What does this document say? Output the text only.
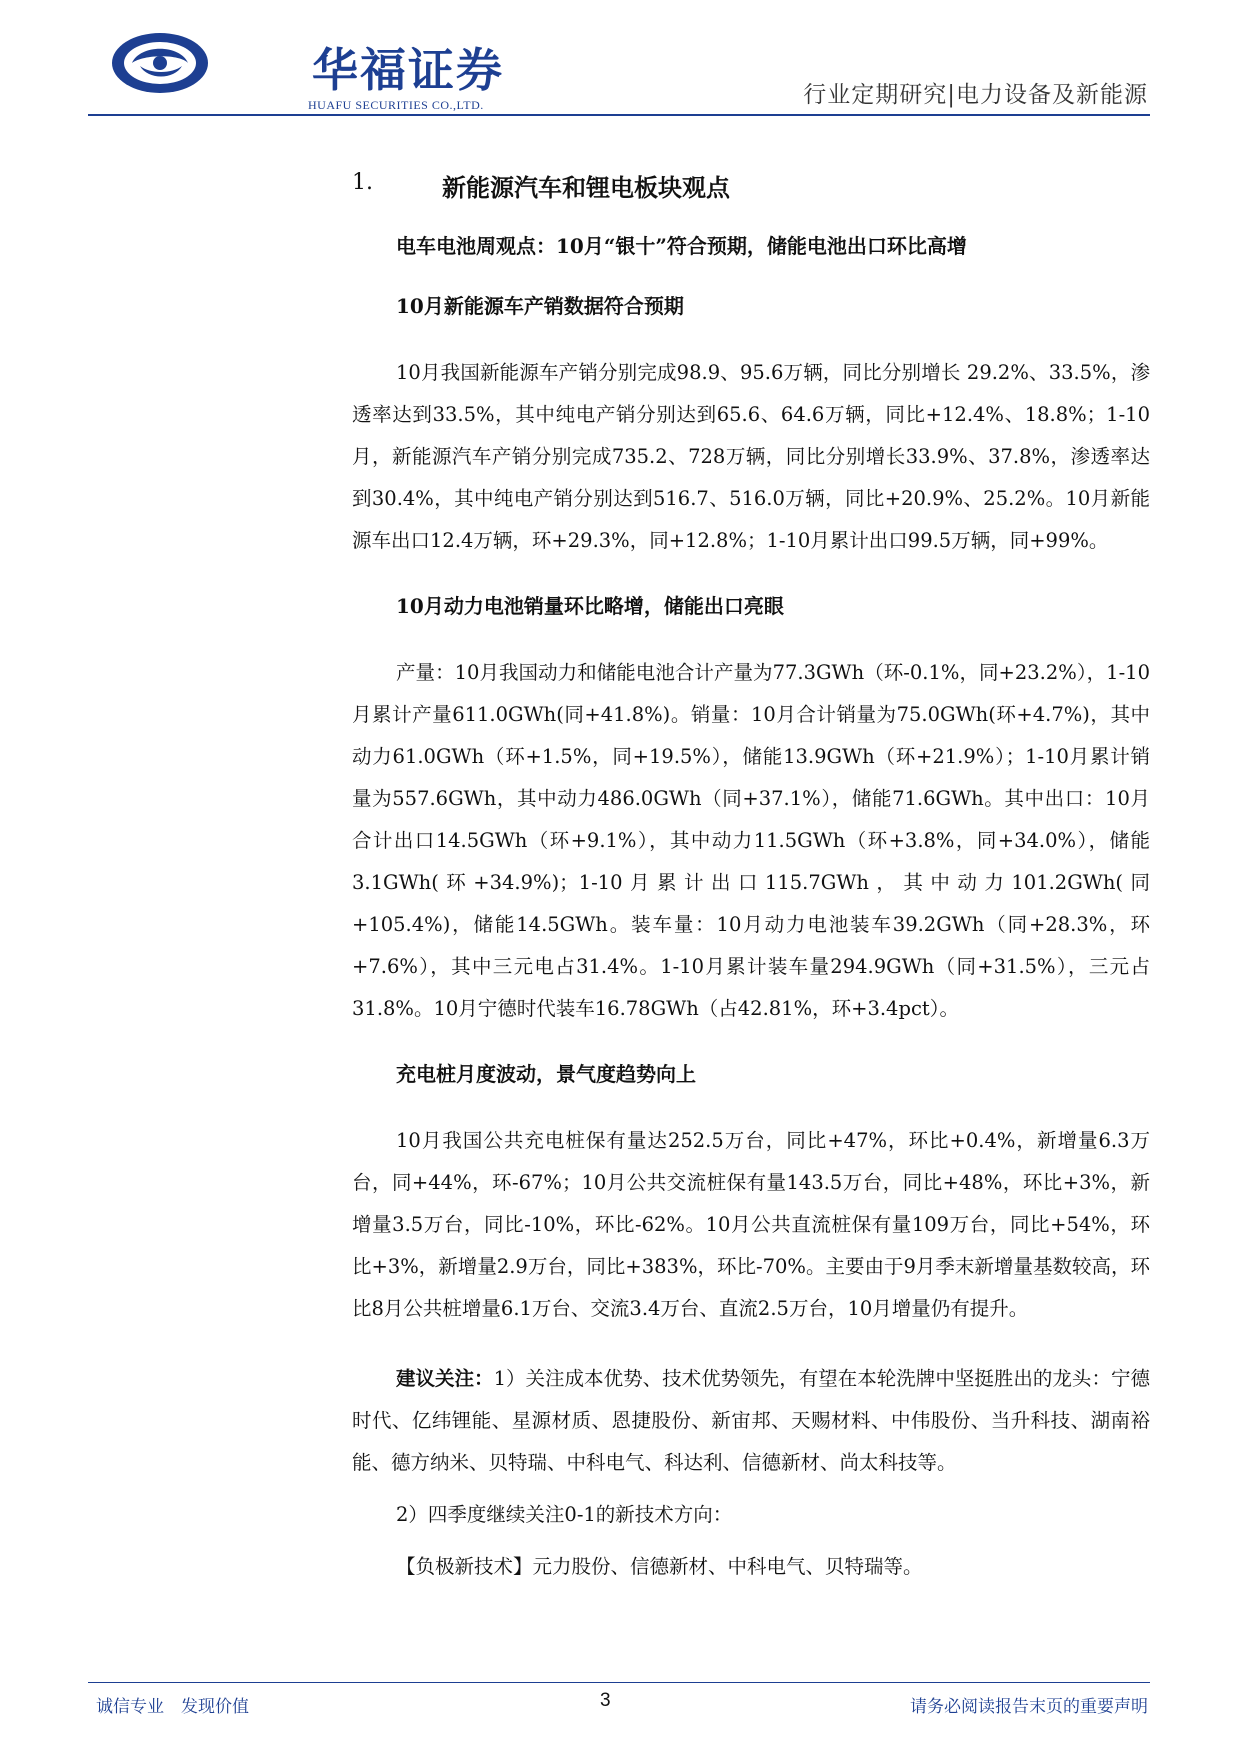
华福证券
HUAFU SECURITIES CO.,LTD.	行业定期研究|电力设备及新能源
1.	新能源汽车和锂电板块观点
电车电池周观点：10月“银十”符合预期，储能电池出口环比高增
10月新能源车产销数据符合预期

10月我国新能源车产销分别完成98.9、95.6万辆，同比分别增长 29.2%、33.5%，渗透率达到33.5%，其中纯电产销分别达到65.6、64.6万辆，同比+12.4%、18.8%；1-10月，新能源汽车产销分别完成735.2、728万辆，同比分别增长33.9%、37.8%，渗透率达到30.4%，其中纯电产销分别达到516.7、516.0万辆，同比+20.9%、25.2%。10月新能源车出口12.4万辆，环+29.3%，同+12.8%；1-10月累计出口99.5万辆，同+99%。

10月动力电池销量环比略增，储能出口亮眼

产量：10月我国动力和储能电池合计产量为77.3GWh（环-0.1%，同+23.2%），1-10月累计产量611.0GWh(同+41.8%)。销量：10月合计销量为75.0GWh(环+4.7%)，其中动力61.0GWh（环+1.5%，同+19.5%），储能13.9GWh（环+21.9%）；1-10月累计销量为557.6GWh，其中动力486.0GWh（同+37.1%），储能71.6GWh。其中出口：10月合计出口14.5GWh（环+9.1%），其中动力11.5GWh（环+3.8%，同+34.0%），储能3.1GWh(环+34.9%)；1-10月累计出口115.7GWh，其中动力101.2GWh(同+105.4%)，储能14.5GWh。装车量：10月动力电池装车39.2GWh（同+28.3%，环+7.6%），其中三元电占31.4%。1-10月累计装车量294.9GWh（同+31.5%），三元占31.8%。10月宁德时代装车16.78GWh（占42.81%，环+3.4pct）。

充电桩月度波动，景气度趋势向上

10月我国公共充电桩保有量达252.5万台，同比+47%，环比+0.4%，新增量6.3万台，同+44%，环-67%；10月公共交流桩保有量143.5万台，同比+48%，环比+3%，新增量3.5万台，同比-10%，环比-62%。10月公共直流桩保有量109万台，同比+54%，环比+3%，新增量2.9万台，同比+383%，环比-70%。主要由于9月季末新增量基数较高，环比8月公共桩增量6.1万台、交流3.4万台、直流2.5万台，10月增量仍有提升。

建议关注：1）关注成本优势、技术优势领先，有望在本轮洗牌中坚挺胜出的龙头：宁德时代、亿纬锂能、星源材质、恩捷股份、新宙邦、天赐材料、中伟股份、当升科技、湖南裕能、德方纳米、贝特瑞、中科电气、科达利、信德新材、尚太科技等。

2）四季度继续关注0-1的新技术方向：
【负极新技术】元力股份、信德新材、中科电气、贝特瑞等。
诚信专业　发现价值	3	请务必阅读报告末页的重要声明
